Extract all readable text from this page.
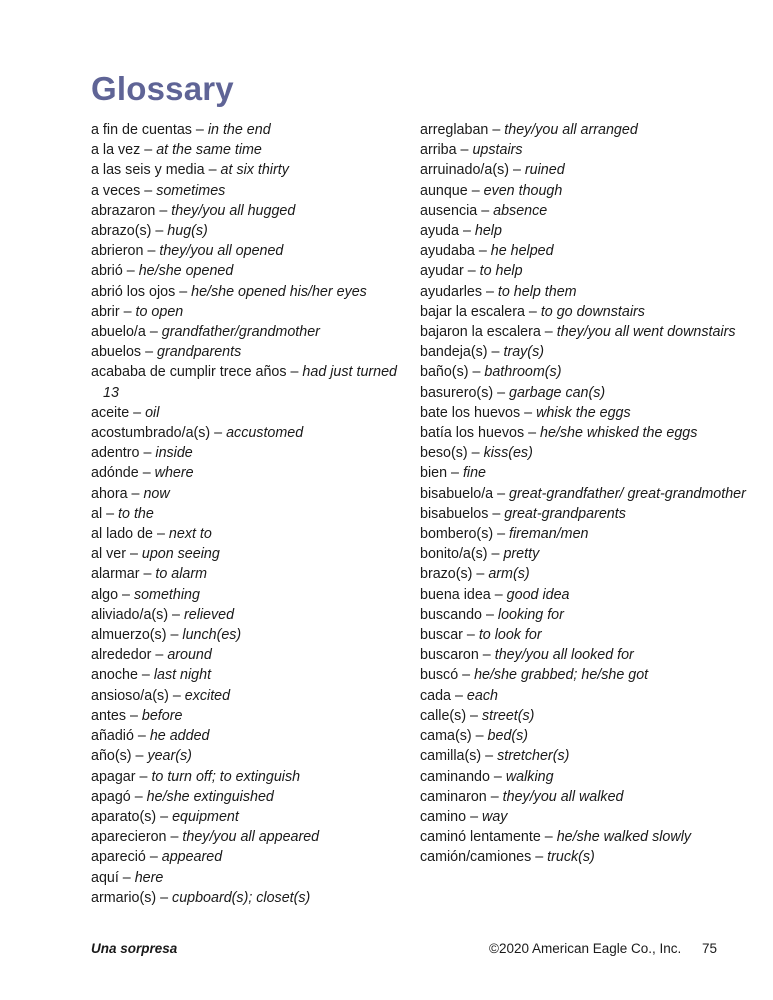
Glossary

a fin de cuentas – in the end

a la vez – at the same time

a las seis y media – at six thirty

a veces – sometimes

abrazaron – they/you all hugged

abrazo(s) – hug(s)

abrieron – they/you all opened

abrió – he/she opened

abrió los ojos – he/she opened his/her eyes

abrir – to open

abuelo/a – grandfather/grandmother

abuelos – grandparents

acababa de cumplir trece años – had just turned 13

aceite – oil

acostumbrado/a(s) – accustomed

adentro – inside

adónde – where

ahora – now

al – to the

al lado de – next to

al ver – upon seeing

alarmar – to alarm

algo – something

aliviado/a(s) – relieved

almuerzo(s) – lunch(es)

alrededor – around

anoche – last night

ansioso/a(s) – excited

antes – before

añadió – he added

año(s) – year(s)

apagar – to turn off; to extinguish

apagó – he/she extinguished

aparato(s) – equipment

aparecieron – they/you all appeared

apareció – appeared

aquí – here

armario(s) – cupboard(s); closet(s)

arreglaban – they/you all arranged

arriba – upstairs

arruinado/a(s) – ruined

aunque – even though

ausencia – absence

ayuda – help

ayudaba – he helped

ayudar – to help

ayudarles – to help them

bajar la escalera – to go downstairs

bajaron la escalera – they/you all went downstairs

bandeja(s) – tray(s)

baño(s) – bathroom(s)

basurero(s) – garbage can(s)

bate los huevos – whisk the eggs

batía los huevos – he/she whisked the eggs

beso(s) – kiss(es)

bien – fine

bisabuelo/a – great-grandfather/ great-grandmother

bisabuelos – great-grandparents

bombero(s) – fireman/men

bonito/a(s) – pretty

brazo(s) – arm(s)

buena idea – good idea

buscando – looking for

buscar – to look for

buscaron – they/you all looked for

buscó – he/she grabbed; he/she got

cada – each

calle(s) – street(s)

cama(s) – bed(s)

camilla(s) – stretcher(s)

caminando – walking

caminaron – they/you all walked

camino – way

caminó lentamente – he/she walked slowly

camión/camiones – truck(s)

Una sorpresa	©2020 American Eagle Co., Inc. 75
